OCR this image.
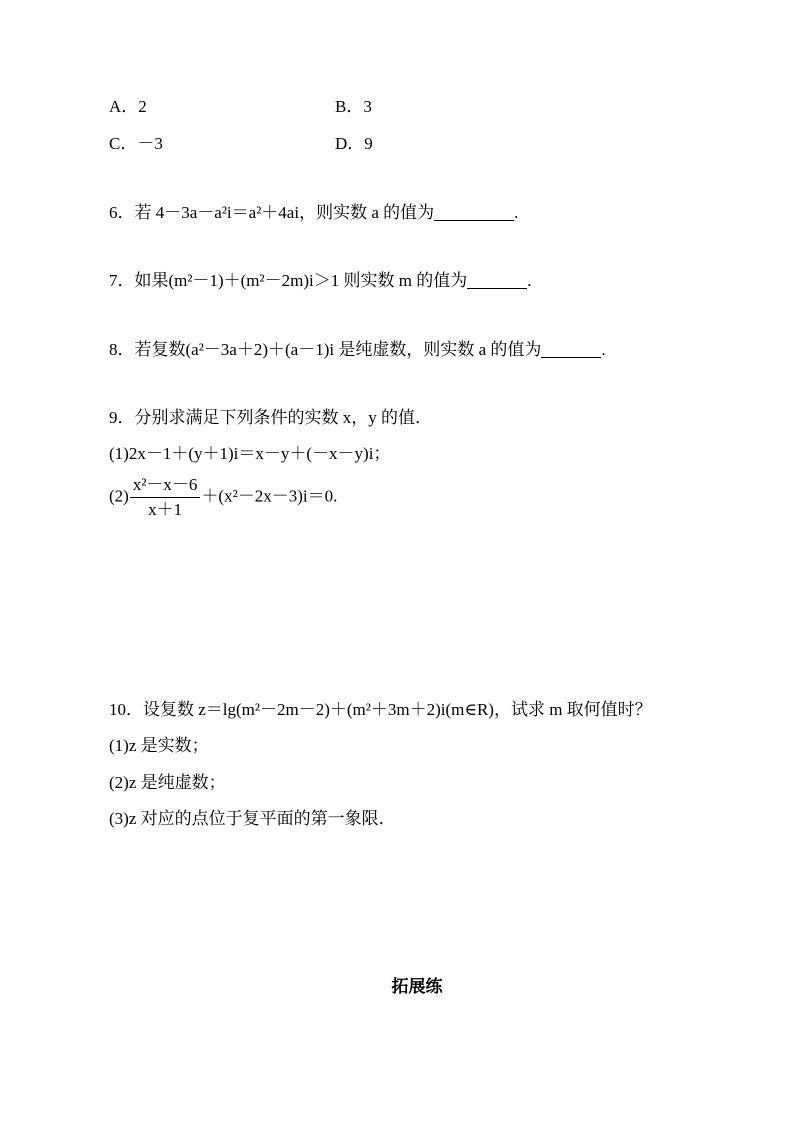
A．2	B．3
C．－3	D．9
6．若 4－3a－a²i＝a²＋4ai，则实数 a 的值为	.
7．如果(m²－1)＋(m²－2m)i＞1 则实数 m 的值为	.
8．若复数(a²－3a＋2)＋(a－1)i 是纯虚数，则实数 a 的值为	.
9．分别求满足下列条件的实数 x，y 的值．
(1)2x－1＋(y＋1)i＝x－y＋(－x－y)i；
$(2) \frac{\text{x²－x－6}}{x+1} +(x^2-2x-3)i=0$.
10．设复数 z＝lg(m²－2m－2)＋(m²＋3m＋2)i(m∈R)，试求 m 取何值时？
(1)z 是实数；
(2)z 是纯虚数；
(3)z 对应的点位于复平面的第一象限．
拓展练
